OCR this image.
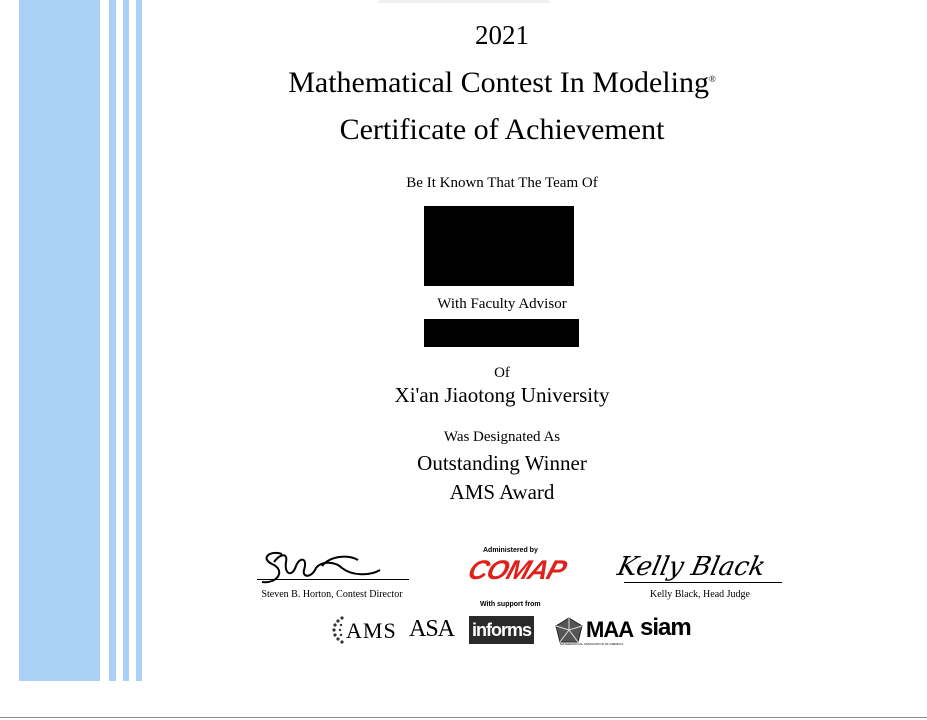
2021
Mathematical Contest In Modeling®
Certificate of Achievement
Be It Known That The Team Of
With Faculty Advisor
Of
Xi'an Jiaotong University
Was Designated As
Outstanding Winner
AMS Award
Steven B. Horton, Contest Director
Kelly Black
Kelly Black, Head Judge
Administered by
COMAP
With support from
AMS ASA informs MAA
MATHEMATICAL ASSOCIATION OF AMERICA
siam
